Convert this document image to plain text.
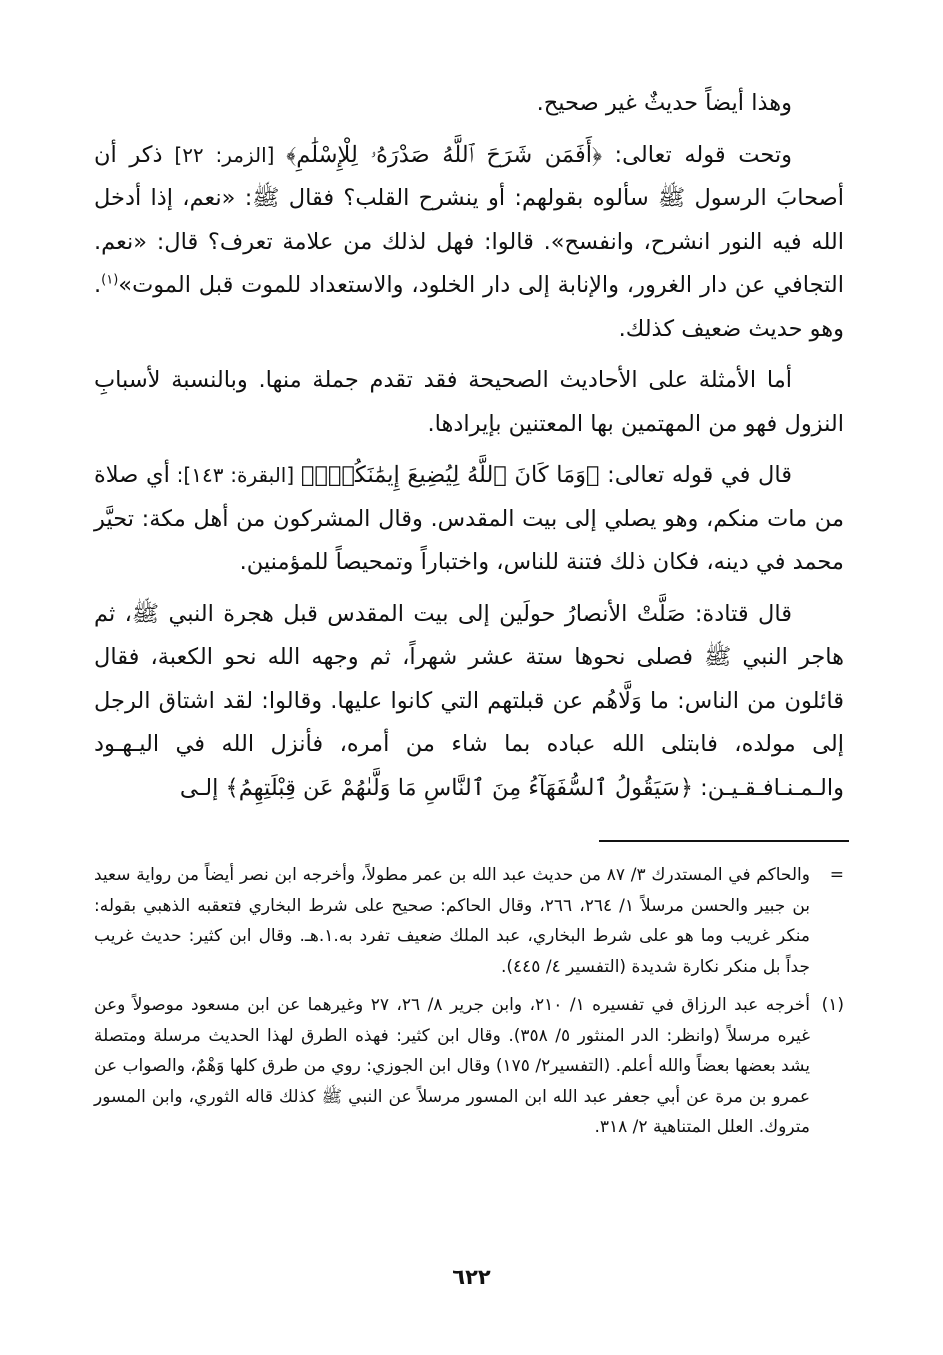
وهذا أيضاً حديثٌ غير صحيح.

وتحت قوله تعالى: ﴿أَفَمَن شَرَحَ ٱللَّهُ صَدْرَهُۥ لِلْإِسْلَٰمِ﴾ [الزمر: ٢٢] ذكر أن أصحابَ الرسول ﷺ سألوه بقولهم: أو ينشرح القلب؟ فقال ﷺ: «نعم، إذا أدخل الله فيه النور انشرح، وانفسح». قالوا: فهل لذلك من علامة تعرف؟ قال: «نعم. التجافي عن دار الغرور، والإنابة إلى دار الخلود، والاستعداد للموت قبل الموت»$^{(١)}$. وهو حديث ضعيف كذلك.

أما الأمثلة على الأحاديث الصحيحة فقد تقدم جملة منها. وبالنسبة لأسبابِ النزول فهو من المهتمين بها المعتنين بإيرادها.

قال في قوله تعالى: ﴿وَمَا كَانَ ٱللَّهُ لِيُضِيعَ إِيمَٰنَكُمْۚ﴾ [البقرة: ١٤٣]: أي صلاة من مات منكم، وهو يصلي إلى بيت المقدس. وقال المشركون من أهل مكة: تحيَّر محمد في دينه، فكان ذلك فتنة للناس، واختباراً وتمحيصاً للمؤمنين.

قال قتادة: صَلَّتْ الأنصارُ حولَين إلى بيت المقدس قبل هجرة النبي ﷺ، ثم هاجر النبي ﷺ فصلى نحوها ستة عشر شهراً، ثم وجهه الله نحو الكعبة، فقال قائلون من الناس: ما وَلَّاهُم عن قبلتهم التي كانوا عليها. وقالوا: لقد اشتاق الرجل إلى مولده، فابتلى الله عباده بما شاء من أمره، فأنزل الله في اليـهـود والـمـنـافـقـيـن: ﴿سَيَقُولُ ٱلسُّفَهَآءُ مِنَ ٱلنَّاسِ مَا وَلَّىٰهُمْ عَن قِبْلَتِهِمُ﴾ إلـى

=
والحاكم في المستدرك ٣/ ٨٧ من حديث عبد الله بن عمر مطولاً، وأخرجه ابن نصر أيضاً من رواية سعيد بن جبير والحسن مرسلاً ١/ ٢٦٤، ٢٦٦، وقال الحاكم: صحيح على شرط البخاري فتعقبه الذهبي بقوله: منكر غريب وما هو على شرط البخاري، عبد الملك ضعيف تفرد به.١.هـ. وقال ابن كثير: حديث غريب جداً بل منكر نكارة شديدة (التفسير ٤/ ٤٤٥).
(١)
أخرجه عبد الرزاق في تفسيره ١/ ٢١٠، وابن جرير ٨/ ٢٦، ٢٧ وغيرهما عن ابن مسعود موصولاً وعن غيره مرسلاً (وانظر: الدر المنثور ٥/ ٣٥٨). وقال ابن كثير: فهذه الطرق لهذا الحديث مرسلة ومتصلة يشد بعضها بعضاً والله أعلم. (التفسير٢/ ١٧٥) وقال ابن الجوزي: روي من طرق كلها وَهْمٌ، والصواب عن عمرو بن مرة عن أبي جعفر عبد الله ابن المسور مرسلاً عن النبي ﷺ كذلك قاله الثوري، وابن المسور متروك. العلل المتناهية ٢/ ٣١٨.
٦٢٢
